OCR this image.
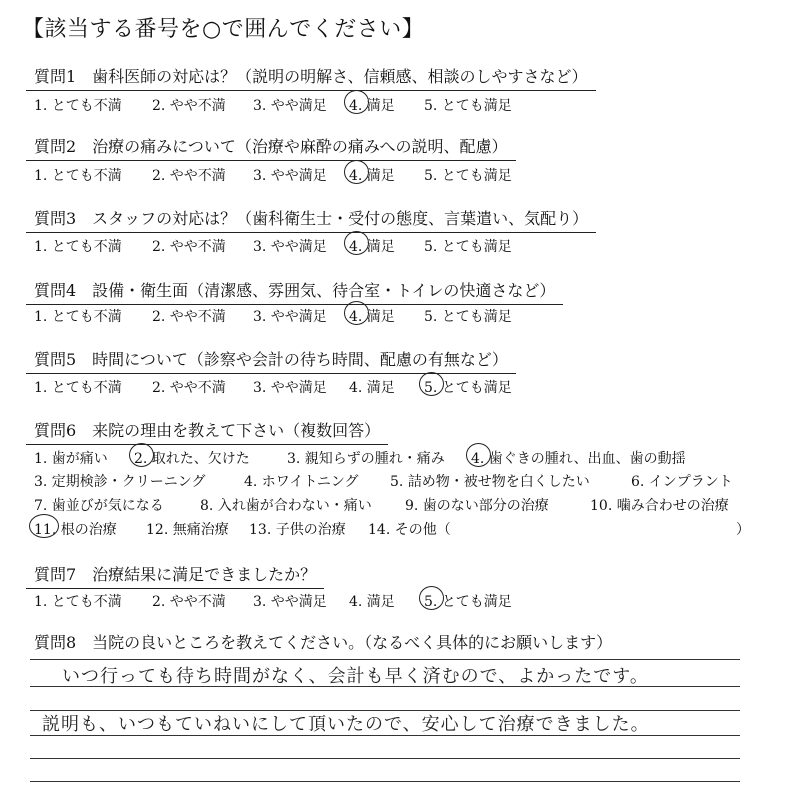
【該当する番号を○で囲んでください】
質問1　歯科医師の対応は？（説明の明解さ、信頼感、相談のしやすさなど）
1. とても不満	2. やや不満	3. やや満足	4. 満足	5. とても満足
質問2　治療の痛みについて（治療や麻酔の痛みへの説明、配慮）
1. とても不満	2. やや不満	3. やや満足	4. 満足	5. とても満足
質問3　スタッフの対応は？（歯科衛生士・受付の態度、言葉遣い、気配り）
1. とても不満	2. やや不満	3. やや満足	4. 満足	5. とても満足
質問4　設備・衛生面（清潔感、雰囲気、待合室・トイレの快適さなど）
1. とても不満	2. やや不満	3. やや満足	4. 満足	5. とても満足
質問5　時間について（診察や会計の待ち時間、配慮の有無など）
1. とても不満	2. やや不満	3. やや満足	4. 満足	5. とても満足
質問6　来院の理由を教えて下さい（複数回答）
1. 歯が痛い	2. 取れた、欠けた	3. 親知らずの腫れ・痛み	4. 歯ぐきの腫れ、出血、歯の動揺
3. 定期検診・クリーニング	4. ホワイトニング	5. 詰め物・被せ物を白くしたい	6. インプラント
7. 歯並びが気になる	8. 入れ歯が合わない・痛い	9. 歯のない部分の治療	10. 噛み合わせの治療
11. 根の治療	12. 無痛治療	13. 子供の治療	14. その他（	）
質問7　治療結果に満足できましたか？
1. とても不満	2. やや不満	3. やや満足	4. 満足	5. とても満足
質問8　当院の良いところを教えてください。（なるべく具体的にお願いします）
いつ行っても待ち時間がなく、会計も早く済むので、よかったです。
説明も、いつもていねいにして頂いたので、安心して治療できました。
